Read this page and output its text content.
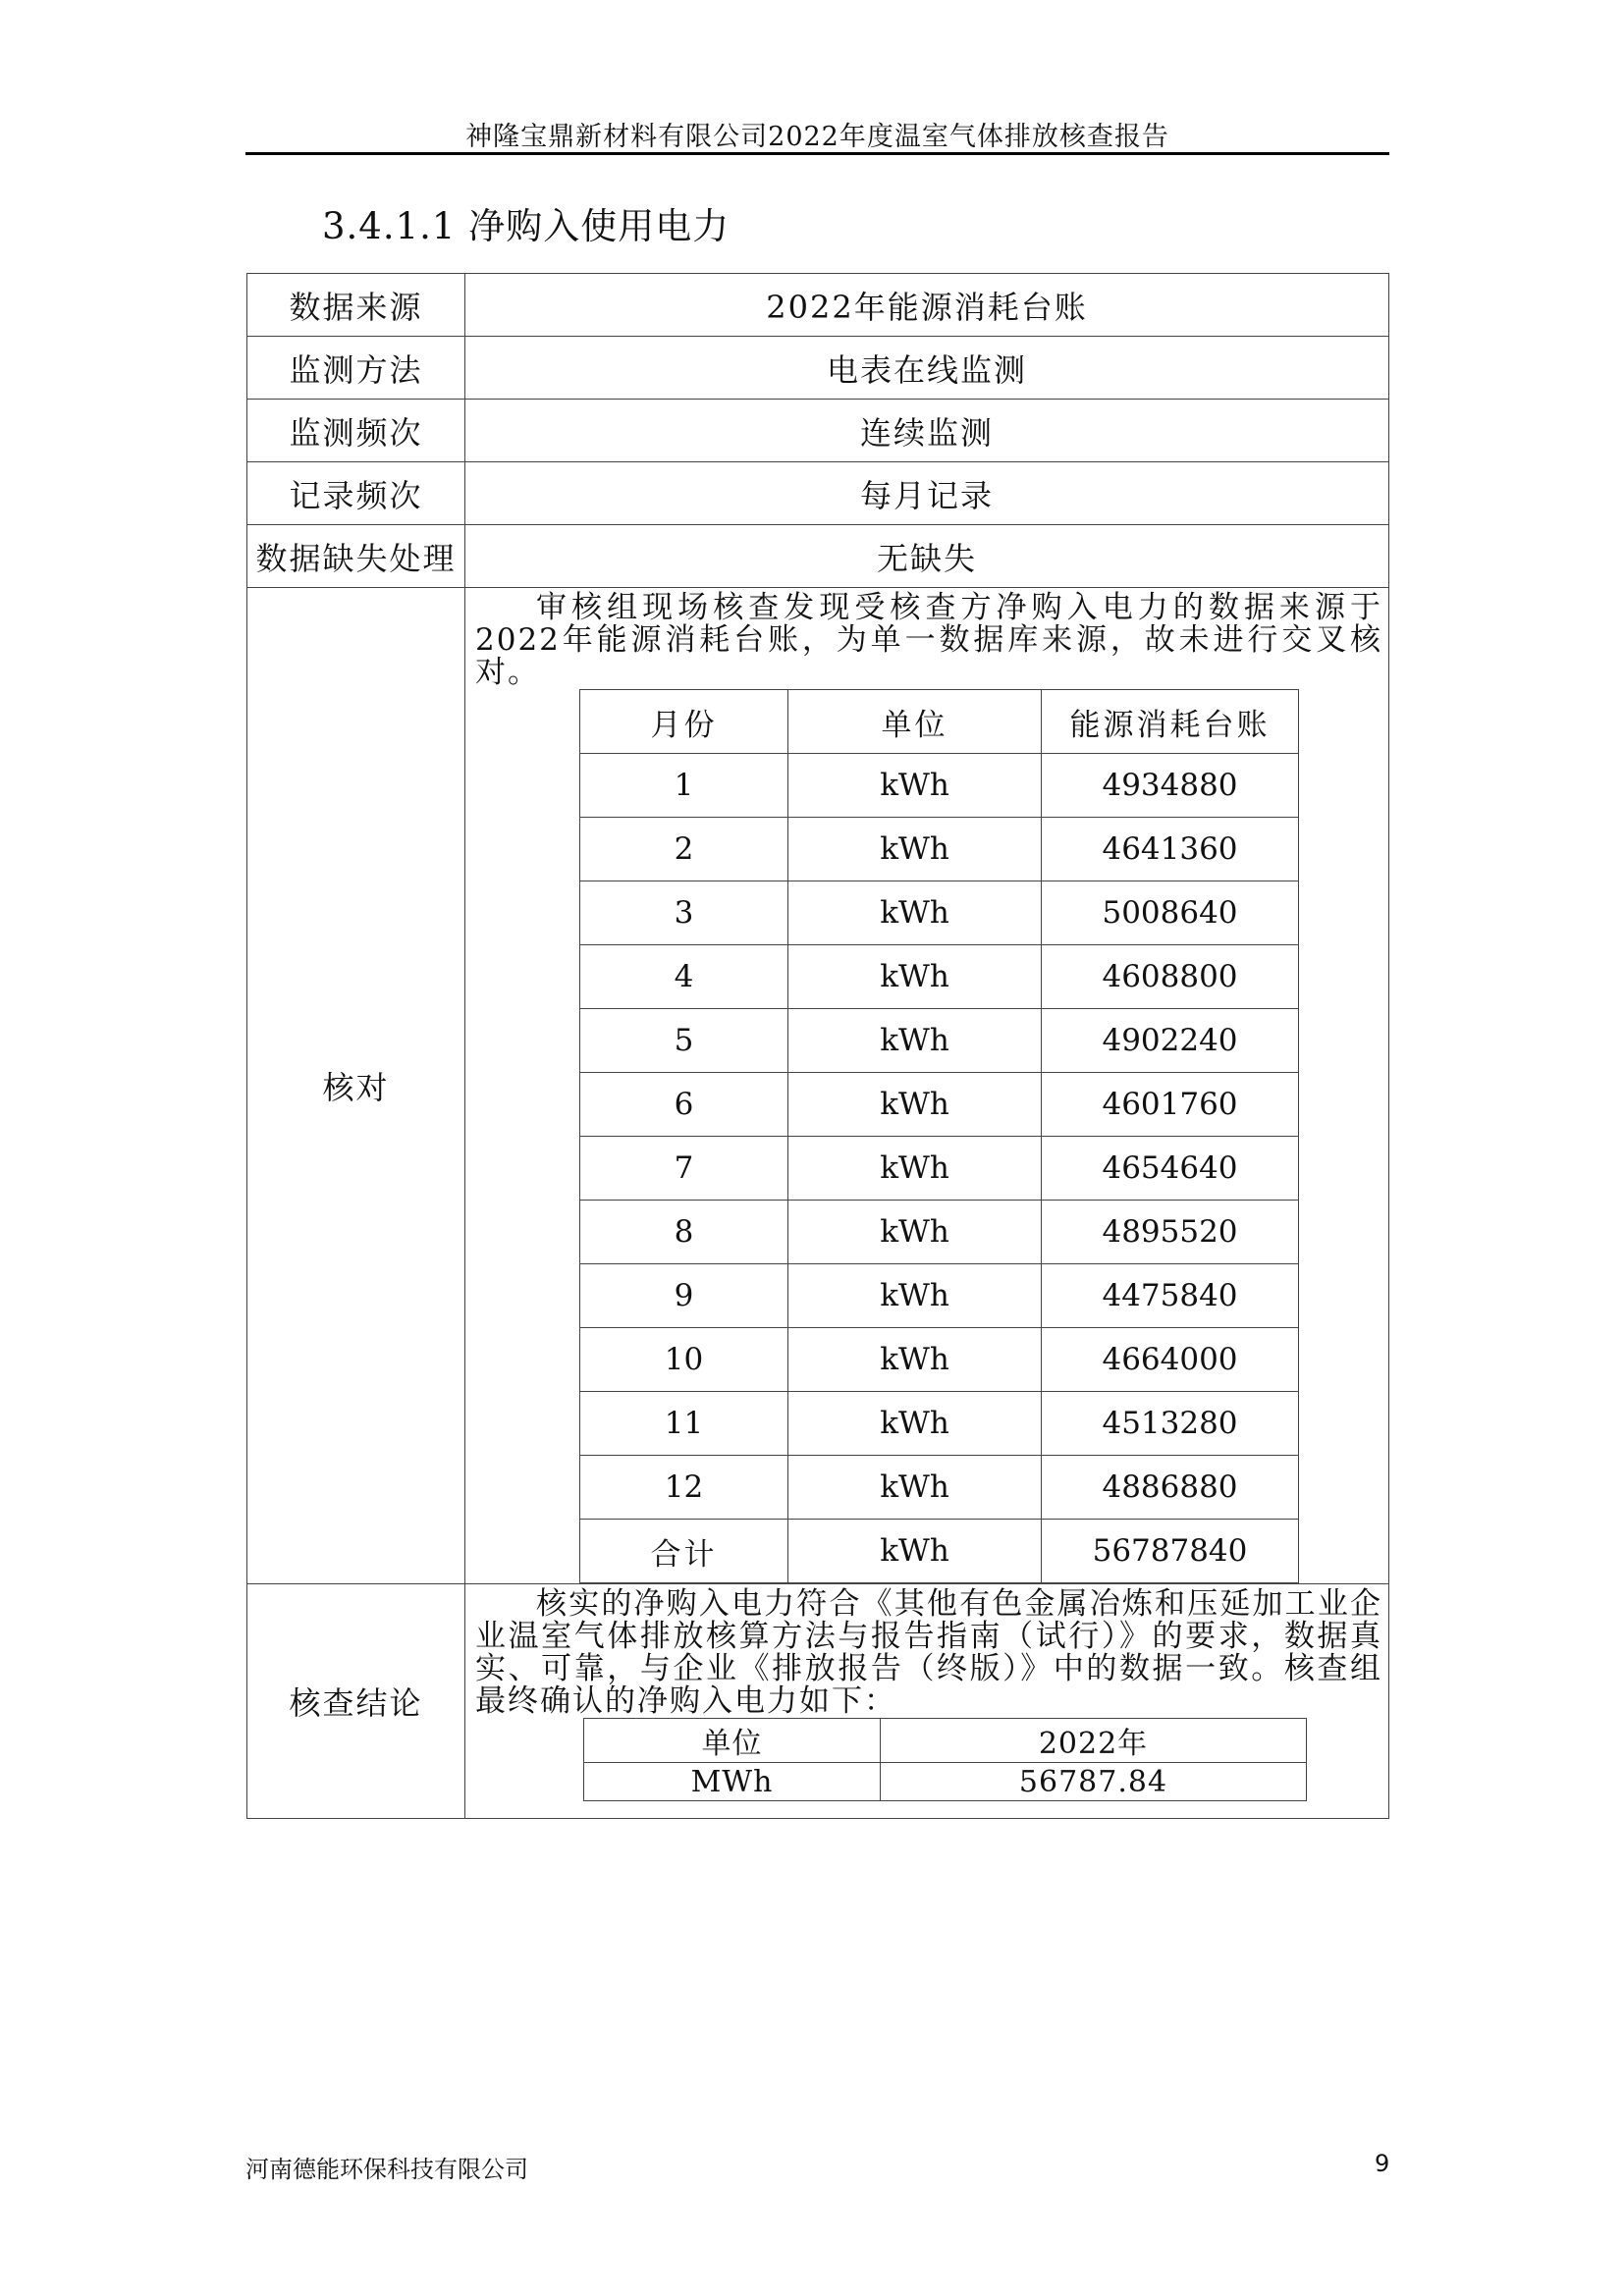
神隆宝鼎新材料有限公司2022年度温室气体排放核查报告
3.4.1.1 净购入使用电力
数据来源	2022年能源消耗台账
监测方法	电表在线监测
监测频次	连续监测
记录频次	每月记录
数据缺失处理	无缺失
核对	
审核组现场核查发现受核查方净购入电力的数据来源于2022年能源消耗台账，为单一数据库来源，故未进行交叉核对。
月份	单位	能源消耗台账
1	kWh	4934880
2	kWh	4641360
3	kWh	5008640
4	kWh	4608800
5	kWh	4902240
6	kWh	4601760
7	kWh	4654640
8	kWh	4895520
9	kWh	4475840
10	kWh	4664000
11	kWh	4513280
12	kWh	4886880
合计	kWh	56787840

核查结论	
核实的净购入电力符合《其他有色金属冶炼和压延加工业企业温室气体排放核算方法与报告指南（试行）》的要求，数据真实、可靠，与企业《排放报告（终版）》中的数据一致。核查组最终确认的净购入电力如下：
单位	2022年
MWh	56787.84
河南德能环保科技有限公司	9
